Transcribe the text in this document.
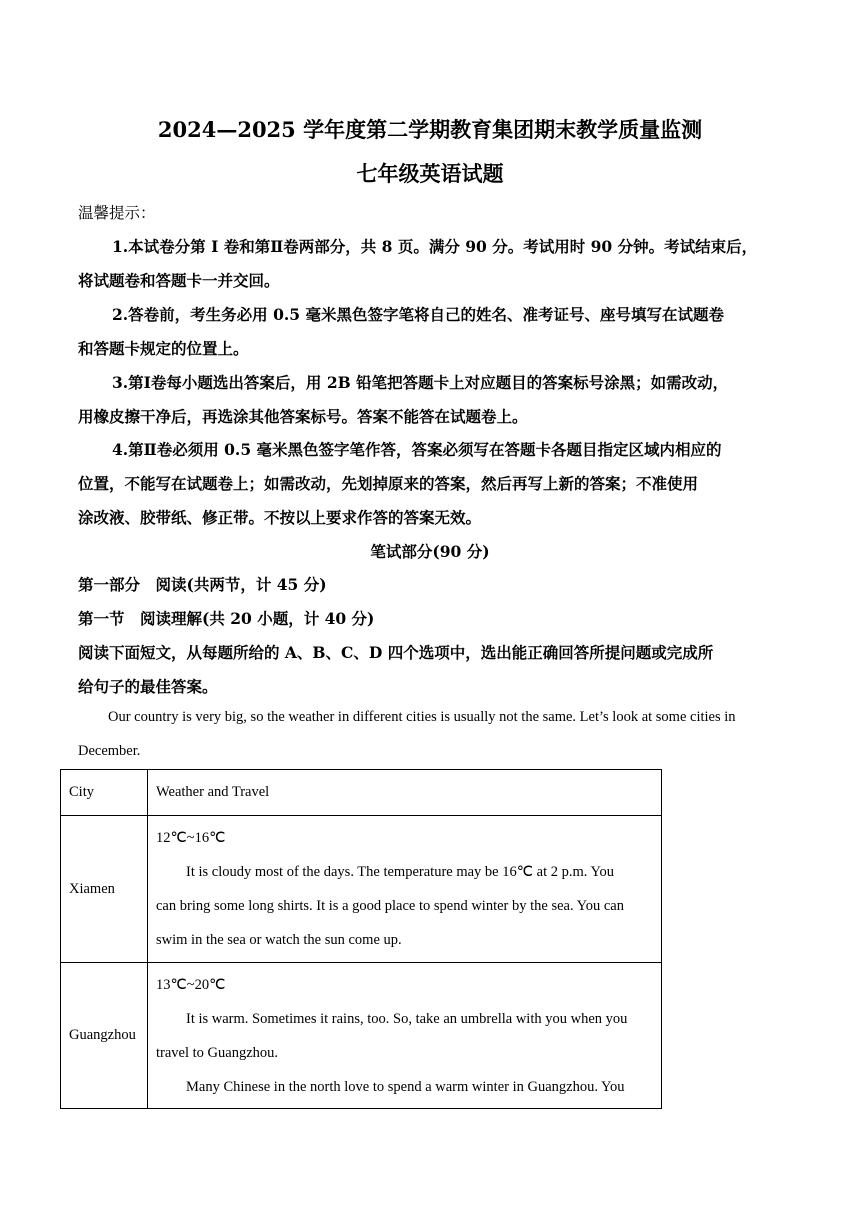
2024—2025 学年度第二学期教育集团期末教学质量监测
七年级英语试题
温馨提示：
1.本试卷分第 I 卷和第Ⅱ卷两部分，共 8 页。满分 90 分。考试用时 90 分钟。考试结束后，
将试题卷和答题卡一并交回。
2.答卷前，考生务必用 0.5 毫米黑色签字笔将自己的姓名、准考证号、座号填写在试题卷
和答题卡规定的位置上。
3.第Ⅰ卷每小题选出答案后，用 2B 铅笔把答题卡上对应题目的答案标号涂黑；如需改动，
用橡皮擦干净后，再选涂其他答案标号。答案不能答在试题卷上。
4.第Ⅱ卷必须用 0.5 毫米黑色签字笔作答，答案必须写在答题卡各题目指定区域内相应的
位置，不能写在试题卷上；如需改动，先划掉原来的答案，然后再写上新的答案；不准使用
涂改液、胶带纸、修正带。不按以上要求作答的答案无效。
笔试部分(90 分)
第一部分　阅读(共两节，计 45 分)
第一节　阅读理解(共 20 小题，计 40 分)
阅读下面短文，从每题所给的 A、B、C、D 四个选项中，选出能正确回答所提问题或完成所
给句子的最佳答案。
Our country is very big, so the weather in different cities is usually not the same. Let’s look at some cities in
December.
City	Weather and Travel
Xiamen	12℃~16℃

It is cloudy most of the days. The temperature may be 16℃ at 2 p.m. You

can bring some long shirts. It is a good place to spend winter by the sea. You can

swim in the sea or watch the sun come up.

Guangzhou	13℃~20℃

It is warm. Sometimes it rains, too. So, take an umbrella with you when you

travel to Guangzhou.

Many Chinese in the north love to spend a warm winter in Guangzhou. You
